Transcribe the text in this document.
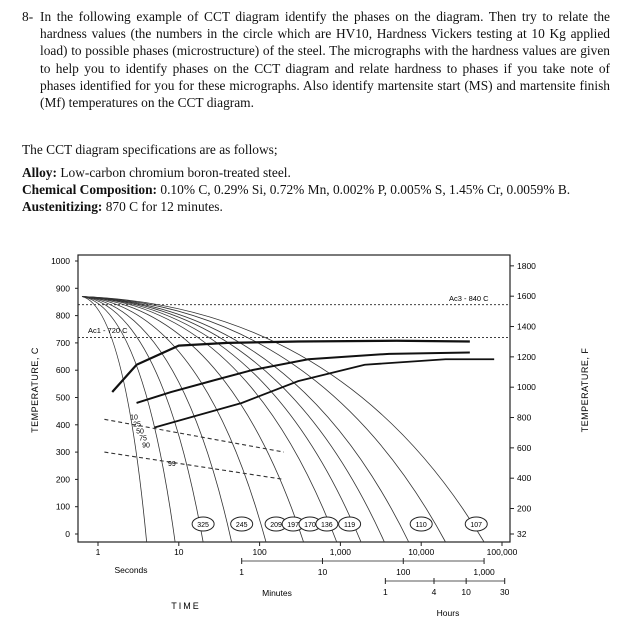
8- In the following example of CCT diagram identify the phases on the diagram. Then try to relate the hardness values (the numbers in the circle which are HV10, Hardness Vickers testing at 10 Kg applied load) to possible phases (microstructure) of the steel. The micrographs with the hardness values are given to help you to identify phases on the CCT diagram and relate hardness to phases if you take note of phases identified for you for these micrographs. Also identify martensite start (MS) and martensite finish (Mf) temperatures on the CCT diagram.
The CCT diagram specifications are as follows;
Alloy: Low-carbon chromium boron-treated steel.
Chemical Composition: 0.10% C, 0.29% Si, 0.72% Mn, 0.002% P, 0.005% S, 1.45% Cr, 0.0059% B.
Austenitizing: 870 C for 12 minutes.
1000
900
800
700
600
500
400
300
200
100
0
1800
1600
1400
1200
1000
800
600
400
200
32
1	10	100	1,000	10,000	100,000
1	10	100	1,000
1	4	10	30
10
25
50
75
90
325	245	209 197 170 136 119	110	107
TEMPERATURE, C	TEMPERATURE, F
TIME
Seconds
Minutes
Hours
Ac1 - 720 C
Ac3 - 840 C
99
